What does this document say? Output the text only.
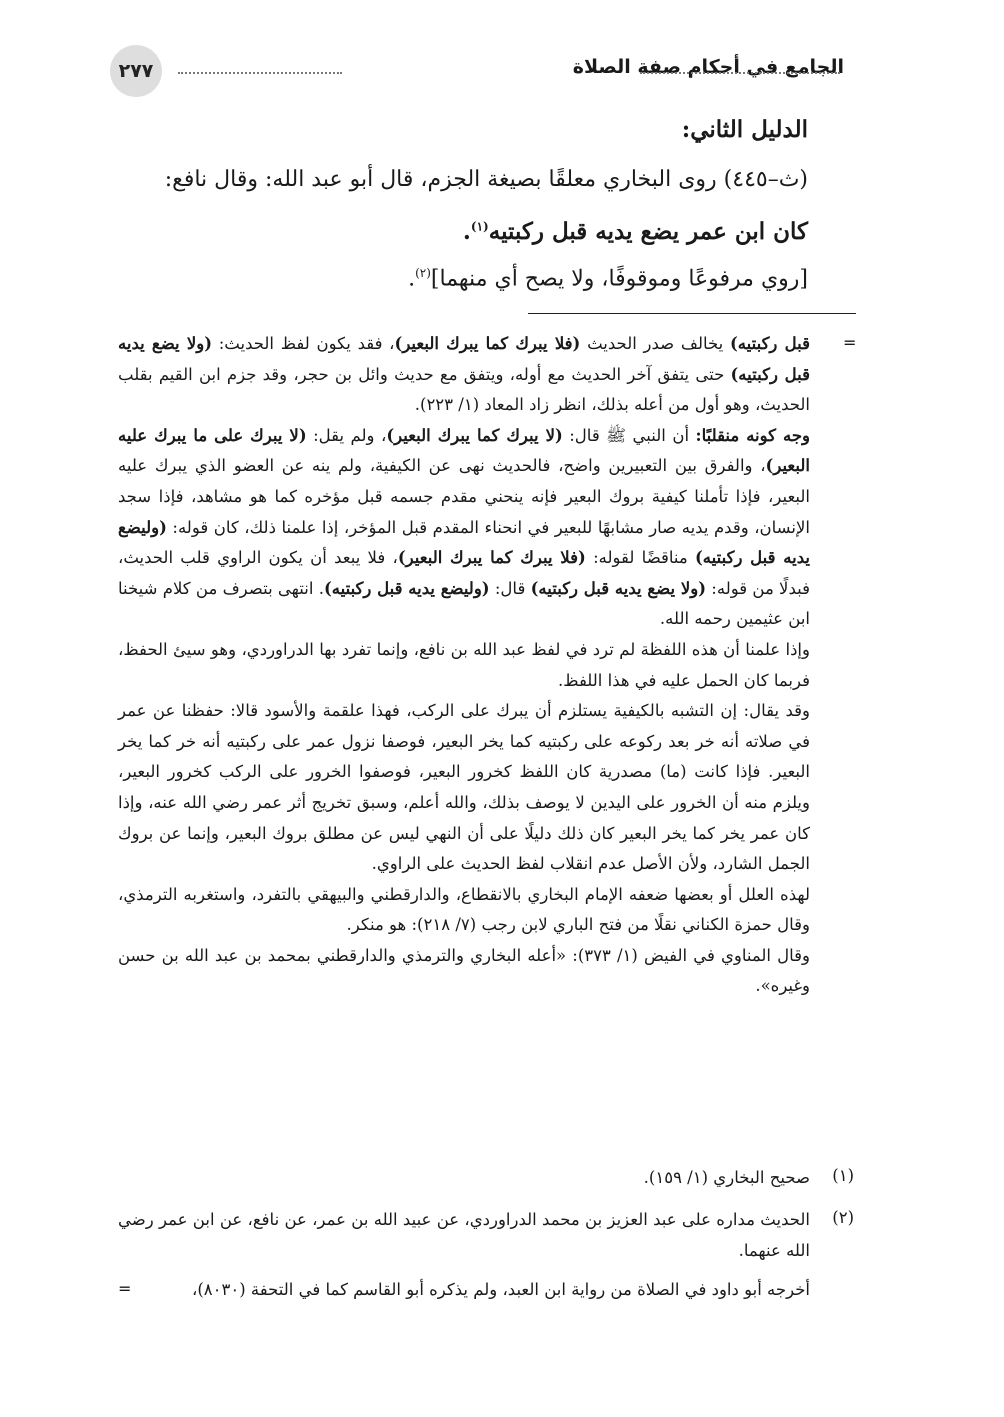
٢٧٧	الجامع في أحكام صفة الصلاة
الدليل الثاني:
(ث–٤٤٥) روى البخاري معلقًا بصيغة الجزم، قال أبو عبد الله: وقال نافع:
كان ابن عمر يضع يديه قبل ركبتيه$^{(١)}$.
[روي مرفوعًا وموقوفًا، ولا يصح أي منهما]$^{(٢)}$.
=

قبل ركبتيه) يخالف صدر الحديث (فلا يبرك كما يبرك البعير)، فقد يكون لفظ الحديث: (ولا يضع يديه قبل ركبتيه) حتى يتفق آخر الحديث مع أوله، ويتفق مع حديث وائل بن حجر، وقد جزم ابن القيم بقلب الحديث، وهو أول من أعله بذلك، انظر زاد المعاد (١/ ٢٢٣).

وجه كونه منقلبًا: أن النبي ﷺ قال: (لا يبرك كما يبرك البعير)، ولم يقل: (لا يبرك على ما يبرك عليه البعير)، والفرق بين التعبيرين واضح، فالحديث نهى عن الكيفية، ولم ينه عن العضو الذي يبرك عليه البعير، فإذا تأملنا كيفية بروك البعير فإنه ينحني مقدم جسمه قبل مؤخره كما هو مشاهد، فإذا سجد الإنسان، وقدم يديه صار مشابهًا للبعير في انحناء المقدم قبل المؤخر، إذا علمنا ذلك، كان قوله: (وليضع يديه قبل ركبتيه) مناقضًا لقوله: (فلا يبرك كما يبرك البعير)، فلا يبعد أن يكون الراوي قلب الحديث، فبدلًا من قوله: (ولا يضع يديه قبل ركبتيه) قال: (وليضع يديه قبل ركبتيه). انتهى بتصرف من كلام شيخنا ابن عثيمين رحمه الله.

وإذا علمنا أن هذه اللفظة لم ترد في لفظ عبد الله بن نافع، وإنما تفرد بها الدراوردي، وهو سيئ الحفظ، فربما كان الحمل عليه في هذا اللفظ.

وقد يقال: إن التشبه بالكيفية يستلزم أن يبرك على الركب، فهذا علقمة والأسود قالا: حفظنا عن عمر في صلاته أنه خر بعد ركوعه على ركبتيه كما يخر البعير، فوصفا نزول عمر على ركبتيه أنه خر كما يخر البعير. فإذا كانت (ما) مصدرية كان اللفظ كخرور البعير، فوصفوا الخرور على الركب كخرور البعير، ويلزم منه أن الخرور على اليدين لا يوصف بذلك، والله أعلم، وسبق تخريج أثر عمر رضي الله عنه، وإذا كان عمر يخر كما يخر البعير كان ذلك دليلًا على أن النهي ليس عن مطلق بروك البعير، وإنما عن بروك الجمل الشارد، ولأن الأصل عدم انقلاب لفظ الحديث على الراوي.

لهذه العلل أو بعضها ضعفه الإمام البخاري بالانقطاع، والدارقطني والبيهقي بالتفرد، واستغربه الترمذي، وقال حمزة الكناني نقلًا من فتح الباري لابن رجب (٧/ ٢١٨): هو منكر.

وقال المناوي في الفيض (١/ ٣٧٣): «أعله البخاري والترمذي والدارقطني بمحمد بن عبد الله بن حسن وغيره».

(١)
صحيح البخاري (١/ ١٥٩).
(٢)
الحديث مداره على عبد العزيز بن محمد الدراوردي، عن عبيد الله بن عمر، عن نافع، عن ابن عمر رضي الله عنهما.
أخرجه أبو داود في الصلاة من رواية ابن العبد، ولم يذكره أبو القاسم كما في التحفة (٨٠٣٠)،
=
